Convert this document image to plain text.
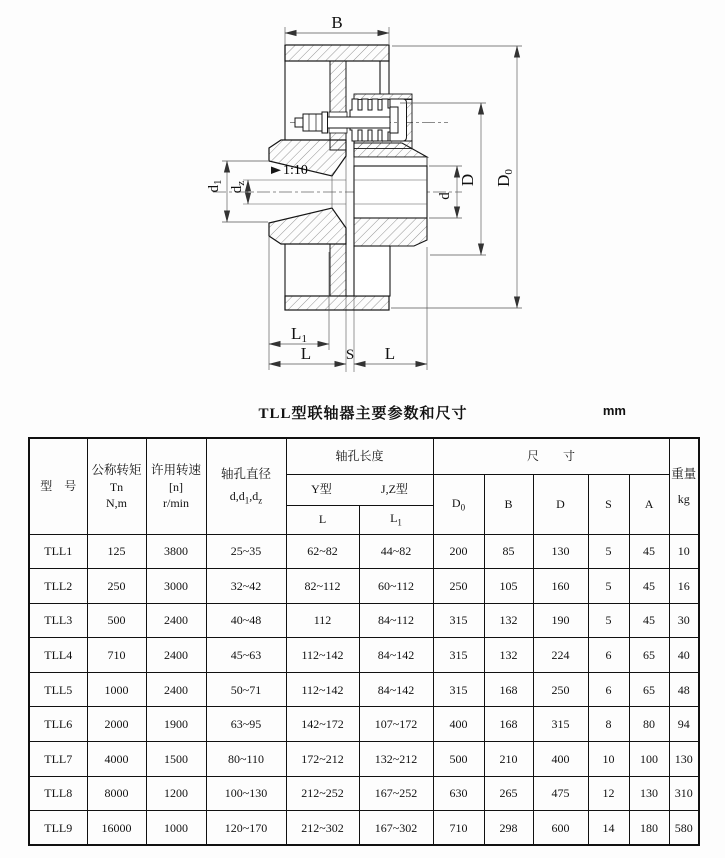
1:10
B
D0
D
d
$d_1$
$d_z$
L1
L S L
TLL型联轴器主要参数和尺寸	mm
型　号	
公称转矩
Tn
N,m

许用转速
[n]
r/min

轴孔直径
$d,d_1,d_z$
	轴孔长度	尺　　寸	
重量
kg

				Y型 J,Z型		$D_0$	B	D	S	A	
				L	$L_1$
TLL1	125	3800	25~35	62~82	44~82	200	85	130	5	45	10
TLL2	250	3000	32~42	82~112	60~112	250	105	160	5	45	16
TLL3	500	2400	40~48	112	84~112	315	132	190	5	45	30
TLL4	710	2400	45~63	112~142	84~142	315	132	224	6	65	40
TLL5	1000	2400	50~71	112~142	84~142	315	168	250	6	65	48
TLL6	2000	1900	63~95	142~172	107~172	400	168	315	8	80	94
TLL7	4000	1500	80~110	172~212	132~212	500	210	400	10	100	130
TLL8	8000	1200	100~130	212~252	167~252	630	265	475	12	130	310
TLL9	16000	1000	120~170	212~302	167~302	710	298	600	14	180	580
